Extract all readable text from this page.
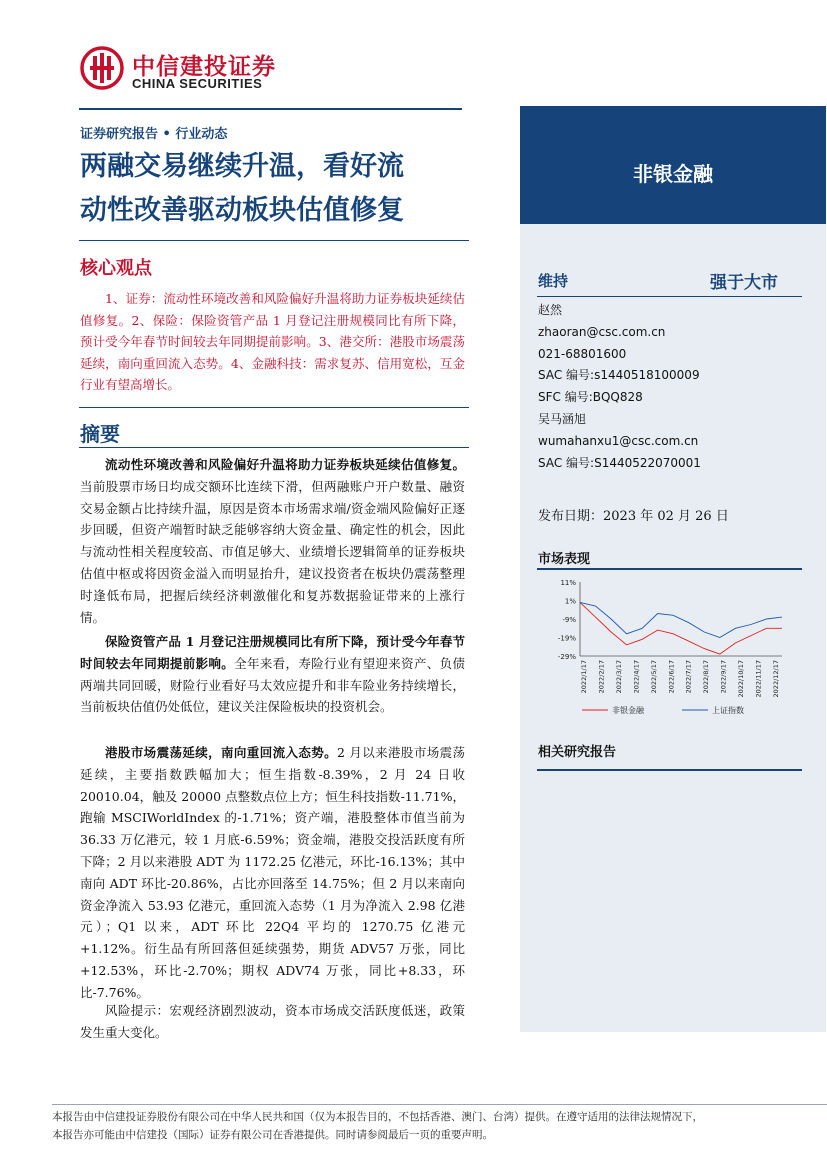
中信建投证券
CHINA SECURITIES
证券研究报告 • 行业动态
两融交易继续升温，看好流
动性改善驱动板块估值修复
非银金融
核心观点
1、证券：流动性环境改善和风险偏好升温将助力证券板块延续估值修复。2、保险：保险资管产品 1 月登记注册规模同比有所下降，预计受今年春节时间较去年同期提前影响。3、港交所：港股市场震荡延续，南向重回流入态势。4、金融科技：需求复苏、信用宽松，互金行业有望高增长。
摘要
流动性环境改善和风险偏好升温将助力证券板块延续估值修复。当前股票市场日均成交额环比连续下滑，但两融账户开户数量、融资交易金额占比持续升温，原因是资本市场需求端/资金端风险偏好正逐步回暖，但资产端暂时缺乏能够容纳大资金量、确定性的机会，因此与流动性相关程度较高、市值足够大、业绩增长逻辑简单的证券板块估值中枢或将因资金溢入而明显抬升，建议投资者在板块仍震荡整理时逢低布局，把握后续经济刺激催化和复苏数据验证带来的上涨行情。
保险资管产品 1 月登记注册规模同比有所下降，预计受今年春节时间较去年同期提前影响。全年来看，寿险行业有望迎来资产、负债两端共同回暖，财险行业看好马太效应提升和非车险业务持续增长，当前板块估值仍处低位，建议关注保险板块的投资机会。
港股市场震荡延续，南向重回流入态势。2 月以来港股市场震荡延续，主要指数跌幅加大；恒生指数-8.39%，2 月 24 日收 20010.04，触及 20000 点整数点位上方；恒生科技指数-11.71%，跑输 MSCIWorldIndex 的-1.71%；资产端，港股整体市值当前为 36.33 万亿港元，较 1 月底-6.59%；资金端，港股交投活跃度有所下降；2 月以来港股 ADT 为 1172.25 亿港元，环比-16.13%；其中南向 ADT 环比-20.86%，占比亦回落至 14.75%；但 2 月以来南向资金净流入 53.93 亿港元，重回流入态势（1 月为净流入 2.98 亿港元）；Q1 以来，ADT 环比 22Q4 平均的 1270.75 亿港元+1.12%。衍生品有所回落但延续强势，期货 ADV57 万张，同比+12.53%，环比-2.70%；期权 ADV74 万张，同比+8.33，环比-7.76%。
风险提示：宏观经济剧烈波动，资本市场成交活跃度低迷，政策发生重大变化。
维持	强于大市
赵然
zhaoran@csc.com.cn
021-68801600
SAC 编号:s1440518100009
SFC 编号:BQQ828
吴马涵旭
wumahanxu1@csc.com.cn
SAC 编号:S1440522070001
发布日期：2023 年 02 月 26 日
市场表现
11%
1%
-9%
-19%
-29%
2022/1/17 2022/2/17 2022/3/17 2022/4/17 2022/5/17 2022/6/17 2022/7/17 2022/8/17 2022/9/17 2022/10/17 2022/11/17 2022/12/17
非银金融	上证指数
相关研究报告
本报告由中信建投证券股份有限公司在中华人民共和国（仅为本报告目的，不包括香港、澳门、台湾）提供。在遵守适用的法律法规情况下，
本报告亦可能由中信建投（国际）证券有限公司在香港提供。同时请参阅最后一页的重要声明。
